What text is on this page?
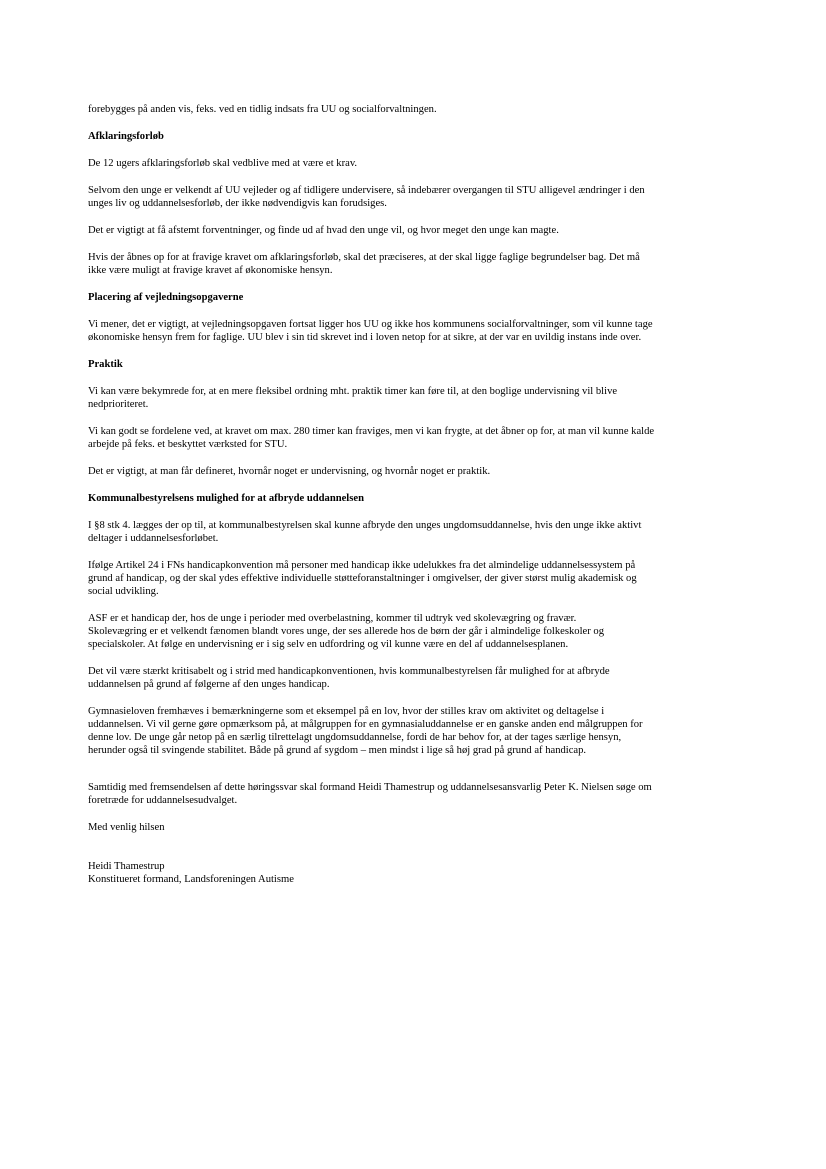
forebygges på anden vis, feks. ved en tidlig indsats fra UU og socialforvaltningen.

Afklaringsforløb

De 12 ugers afklaringsforløb skal vedblive med at være et krav.

Selvom den unge er velkendt af UU vejleder og af tidligere undervisere, så indebærer overgangen til STU alligevel ændringer i den
unges liv og uddannelsesforløb, der ikke nødvendigvis kan forudsiges.

Det er vigtigt at få afstemt forventninger, og finde ud af hvad den unge vil, og hvor meget den unge kan magte.

Hvis der åbnes op for at fravige kravet om afklaringsforløb, skal det præciseres, at der skal ligge faglige begrundelser bag. Det må
ikke være muligt at fravige kravet af økonomiske hensyn.

Placering af vejledningsopgaverne

Vi mener, det er vigtigt, at vejledningsopgaven fortsat ligger hos UU og ikke hos kommunens socialforvaltninger, som vil kunne tage
økonomiske hensyn frem for faglige. UU blev i sin tid skrevet ind i loven netop for at sikre, at der var en uvildig instans inde over.

Praktik

Vi kan være bekymrede for, at en mere fleksibel ordning mht. praktik timer kan føre til, at den boglige undervisning vil blive
nedprioriteret.

Vi kan godt se fordelene ved, at kravet om max. 280 timer kan fraviges, men vi kan frygte, at det åbner op for, at man vil kunne kalde
arbejde på feks. et beskyttet værksted for STU.

Det er vigtigt, at man får defineret, hvornår noget er undervisning, og hvornår noget er praktik.

Kommunalbestyrelsens mulighed for at afbryde uddannelsen

I §8 stk 4. lægges der op til, at kommunalbestyrelsen skal kunne afbryde den unges ungdomsuddannelse, hvis den unge ikke aktivt
deltager i uddannelsesforløbet.

Ifølge Artikel 24 i FNs handicapkonvention må personer med handicap ikke udelukkes fra det almindelige uddannelsessystem på
grund af handicap, og der skal ydes effektive individuelle støtteforanstaltninger i omgivelser, der giver størst mulig akademisk og
social udvikling.

ASF er et handicap der, hos de unge i perioder med overbelastning, kommer til udtryk ved skolevægring og fravær.
Skolevægring er et velkendt fænomen blandt vores unge, der ses allerede hos de børn der går i almindelige folkeskoler og
specialskoler. At følge en undervisning er i sig selv en udfordring og vil kunne være en del af uddannelsesplanen.

Det vil være stærkt kritisabelt og i strid med handicapkonventionen, hvis kommunalbestyrelsen får mulighed for at afbryde
uddannelsen på grund af følgerne af den unges handicap.

Gymnasieloven fremhæves i bemærkningerne som et eksempel på en lov, hvor der stilles krav om aktivitet og deltagelse i
uddannelsen. Vi vil gerne gøre opmærksom på, at målgruppen for en gymnasialuddannelse er en ganske anden end målgruppen for
denne lov. De unge går netop på en særlig tilrettelagt ungdomsuddannelse, fordi de har behov for, at der tages særlige hensyn,
herunder også til svingende stabilitet. Både på grund af sygdom – men mindst i lige så høj grad på grund af handicap.

Samtidig med fremsendelsen af dette høringssvar skal formand Heidi Thamestrup og uddannelsesansvarlig Peter K. Nielsen søge om
foretræde for uddannelsesudvalget.

Med venlig hilsen

Heidi Thamestrup
Konstitueret formand, Landsforeningen Autisme
